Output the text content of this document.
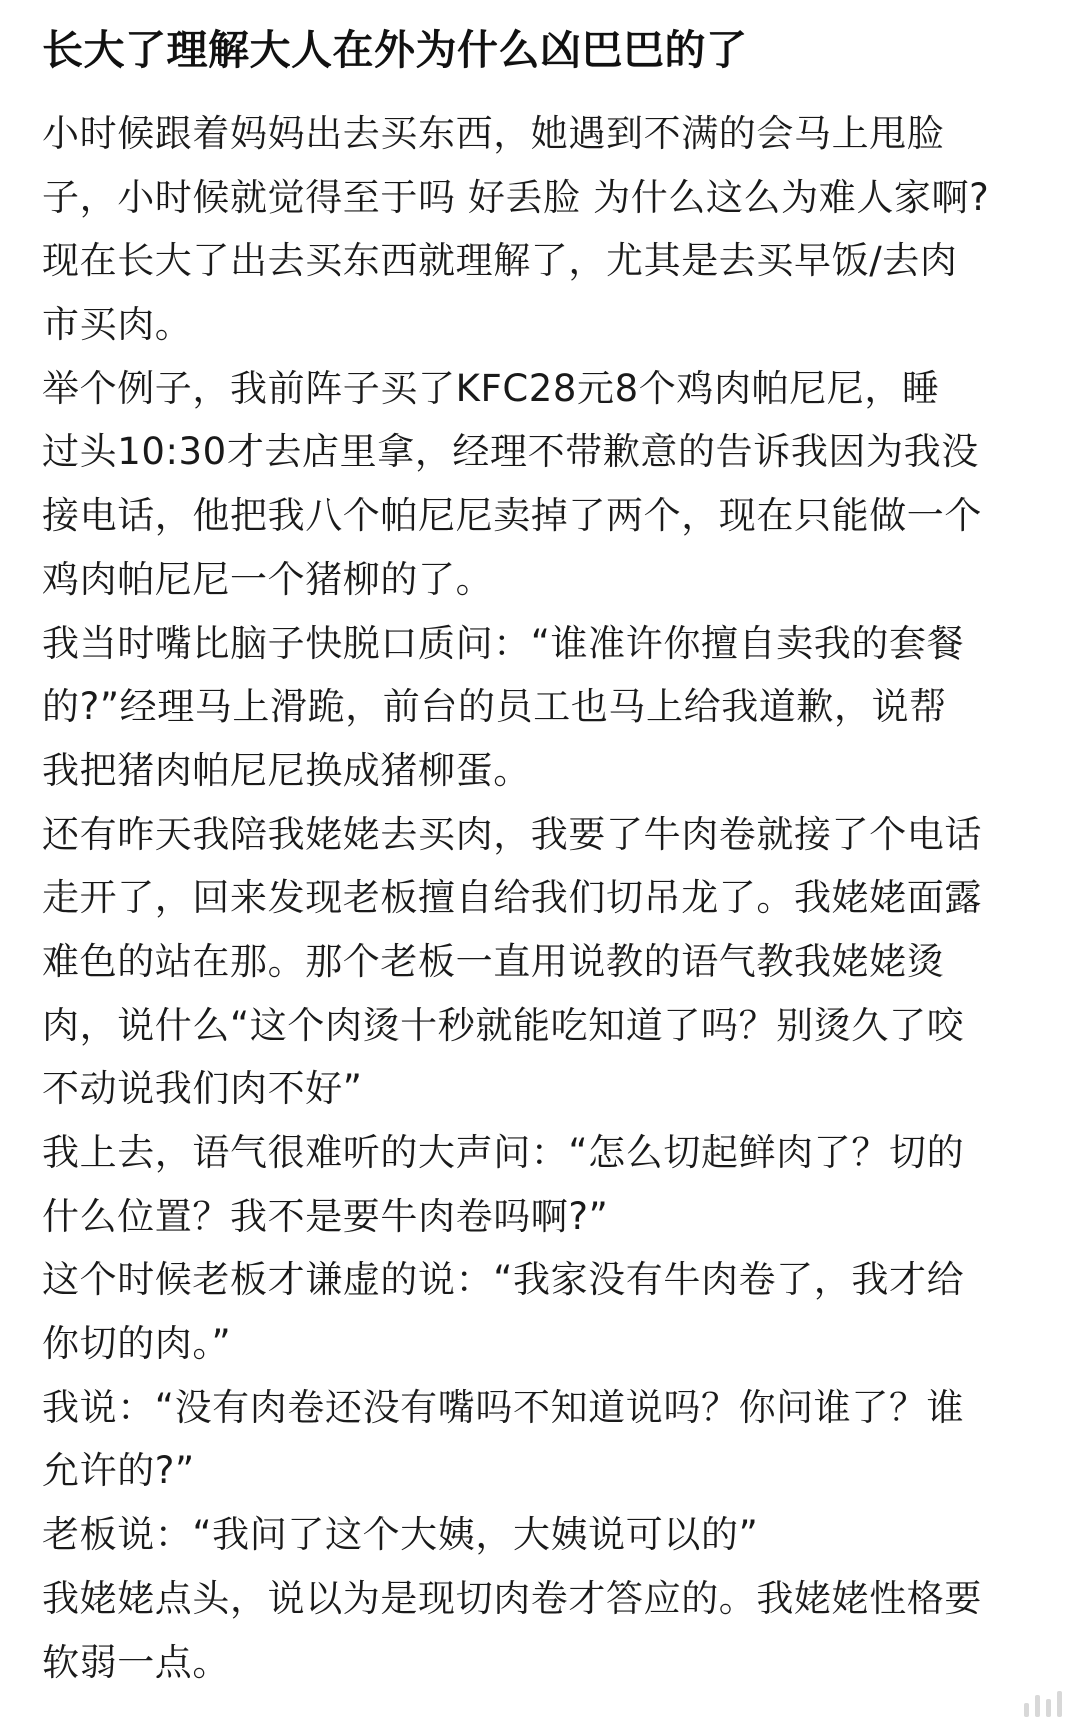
长大了理解大人在外为什么凶巴巴的了
小时候跟着妈妈出去买东西，她遇到不满的会马上甩脸
子，小时候就觉得至于吗 好丢脸 为什么这么为难人家啊?
现在长大了出去买东西就理解了，尤其是去买早饭/去肉
市买肉。
举个例子，我前阵子买了KFC28元8个鸡肉帕尼尼，睡
过头10:30才去店里拿，经理不带歉意的告诉我因为我没
接电话，他把我八个帕尼尼卖掉了两个，现在只能做一个
鸡肉帕尼尼一个猪柳的了。
我当时嘴比脑子快脱口质问：“谁准许你擅自卖我的套餐
的?”经理马上滑跪，前台的员工也马上给我道歉，说帮
我把猪肉帕尼尼换成猪柳蛋。
还有昨天我陪我姥姥去买肉，我要了牛肉卷就接了个电话
走开了，回来发现老板擅自给我们切吊龙了。我姥姥面露
难色的站在那。那个老板一直用说教的语气教我姥姥烫
肉，说什么“这个肉烫十秒就能吃知道了吗？别烫久了咬
不动说我们肉不好”
我上去，语气很难听的大声问：“怎么切起鲜肉了？切的
什么位置？我不是要牛肉卷吗啊?”
这个时候老板才谦虚的说：“我家没有牛肉卷了，我才给
你切的肉。”
我说：“没有肉卷还没有嘴吗不知道说吗？你问谁了？谁
允许的?”
老板说：“我问了这个大姨，大姨说可以的”
我姥姥点头，说以为是现切肉卷才答应的。我姥姥性格要
软弱一点。
